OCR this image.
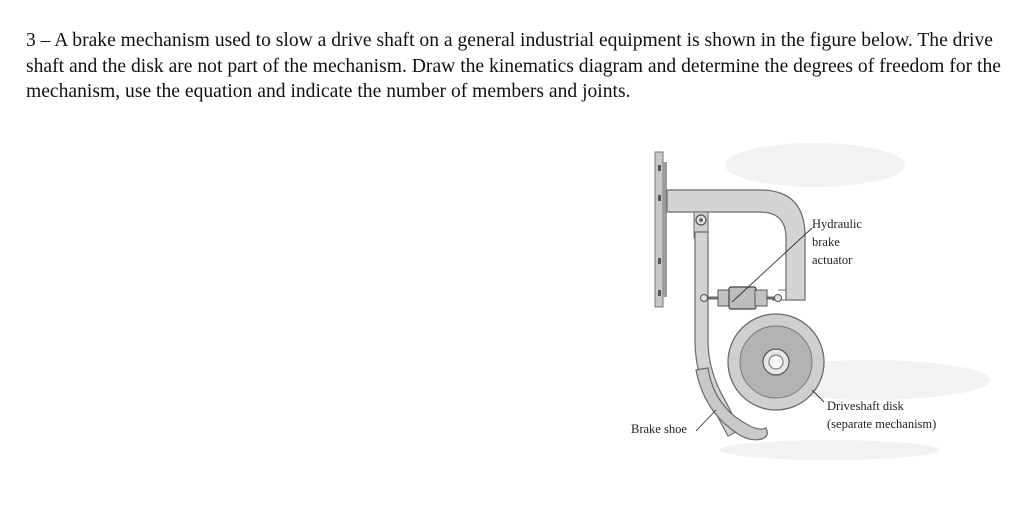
3 – A brake mechanism used to slow a drive shaft on a general industrial equipment is shown in the figure below. The drive shaft and the disk are not part of the mechanism. Draw the kinematics diagram and determine the degrees of freedom for the mechanism, use the equation and indicate the number of members and joints.

Hydraulic
brake
actuator

Brake shoe

Driveshaft disk
(separate mechanism)
